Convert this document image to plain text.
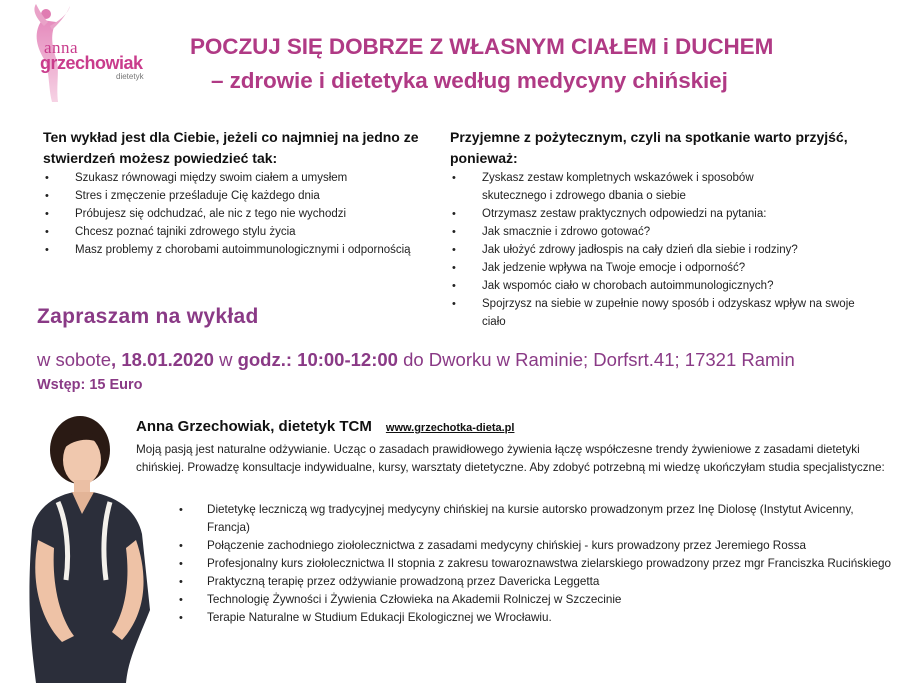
anna
grzechowiak
dietetyk
POCZUJ SIĘ DOBRZE Z WŁASNYM CIAŁEM i DUCHEM
– zdrowie i dietetyka według medycyny chińskiej
Ten wykład jest dla Ciebie, jeżeli co najmniej na jedno ze stwierdzeń możesz powiedzieć tak:
• Szukasz równowagi między swoim ciałem a umysłem
• Stres i zmęczenie prześladuje Cię każdego dnia
• Próbujesz się odchudzać, ale nic z tego nie wychodzi
• Chcesz poznać tajniki zdrowego stylu życia
• Masz problemy z chorobami autoimmunologicznymi i odpornością
Przyjemne z pożytecznym, czyli na spotkanie warto przyjść, ponieważ:
• Zyskasz zestaw kompletnych wskazówek i sposobów skutecznego i zdrowego dbania o siebie
• Otrzymasz zestaw praktycznych odpowiedzi na pytania:
• Jak smacznie i zdrowo gotować?
• Jak ułożyć zdrowy jadłospis na cały dzień dla siebie i rodziny?
• Jak jedzenie wpływa na Twoje emocje i odporność?
• Jak wspomóc ciało w chorobach autoimmunologicznych?
• Spojrzysz na siebie w zupełnie nowy sposób i odzyskasz wpływ na swoje ciało
Zapraszam na wykład
w sobote, 18.01.2020 w godz.: 10:00-12:00 do Dworku w Raminie; Dorfsrt.41; 17321 Ramin
Wstęp: 15 Euro
Anna Grzechowiak, dietetyk TCM www.grzechotka-dieta.pl
Moją pasją jest naturalne odżywianie. Ucząc o zasadach prawidłowego żywienia łączę współczesne trendy żywieniowe z zasadami dietetyki chińskiej. Prowadzę konsultacje indywidualne, kursy, warsztaty dietetyczne. Aby zdobyć potrzebną mi wiedzę ukończyłam studia specjalistyczne:
• Dietetykę leczniczą wg tradycyjnej medycyny chińskiej na kursie autorsko prowadzonym przez Inę Diolosę (Instytut Avicenny, Francja)
• Połączenie zachodniego ziołolecznictwa z zasadami medycyny chińskiej - kurs prowadzony przez Jeremiego Rossa
• Profesjonalny kurs ziołolecznictwa II stopnia z zakresu towaroznawstwa zielarskiego prowadzony przez mgr Franciszka Rucińskiego
• Praktyczną terapię przez odżywianie prowadzoną przez Davericka Leggetta
• Technologię Żywności i Żywienia Człowieka na Akademii Rolniczej w Szczecinie
• Terapie Naturalne w Studium Edukacji Ekologicznej we Wrocławiu.
